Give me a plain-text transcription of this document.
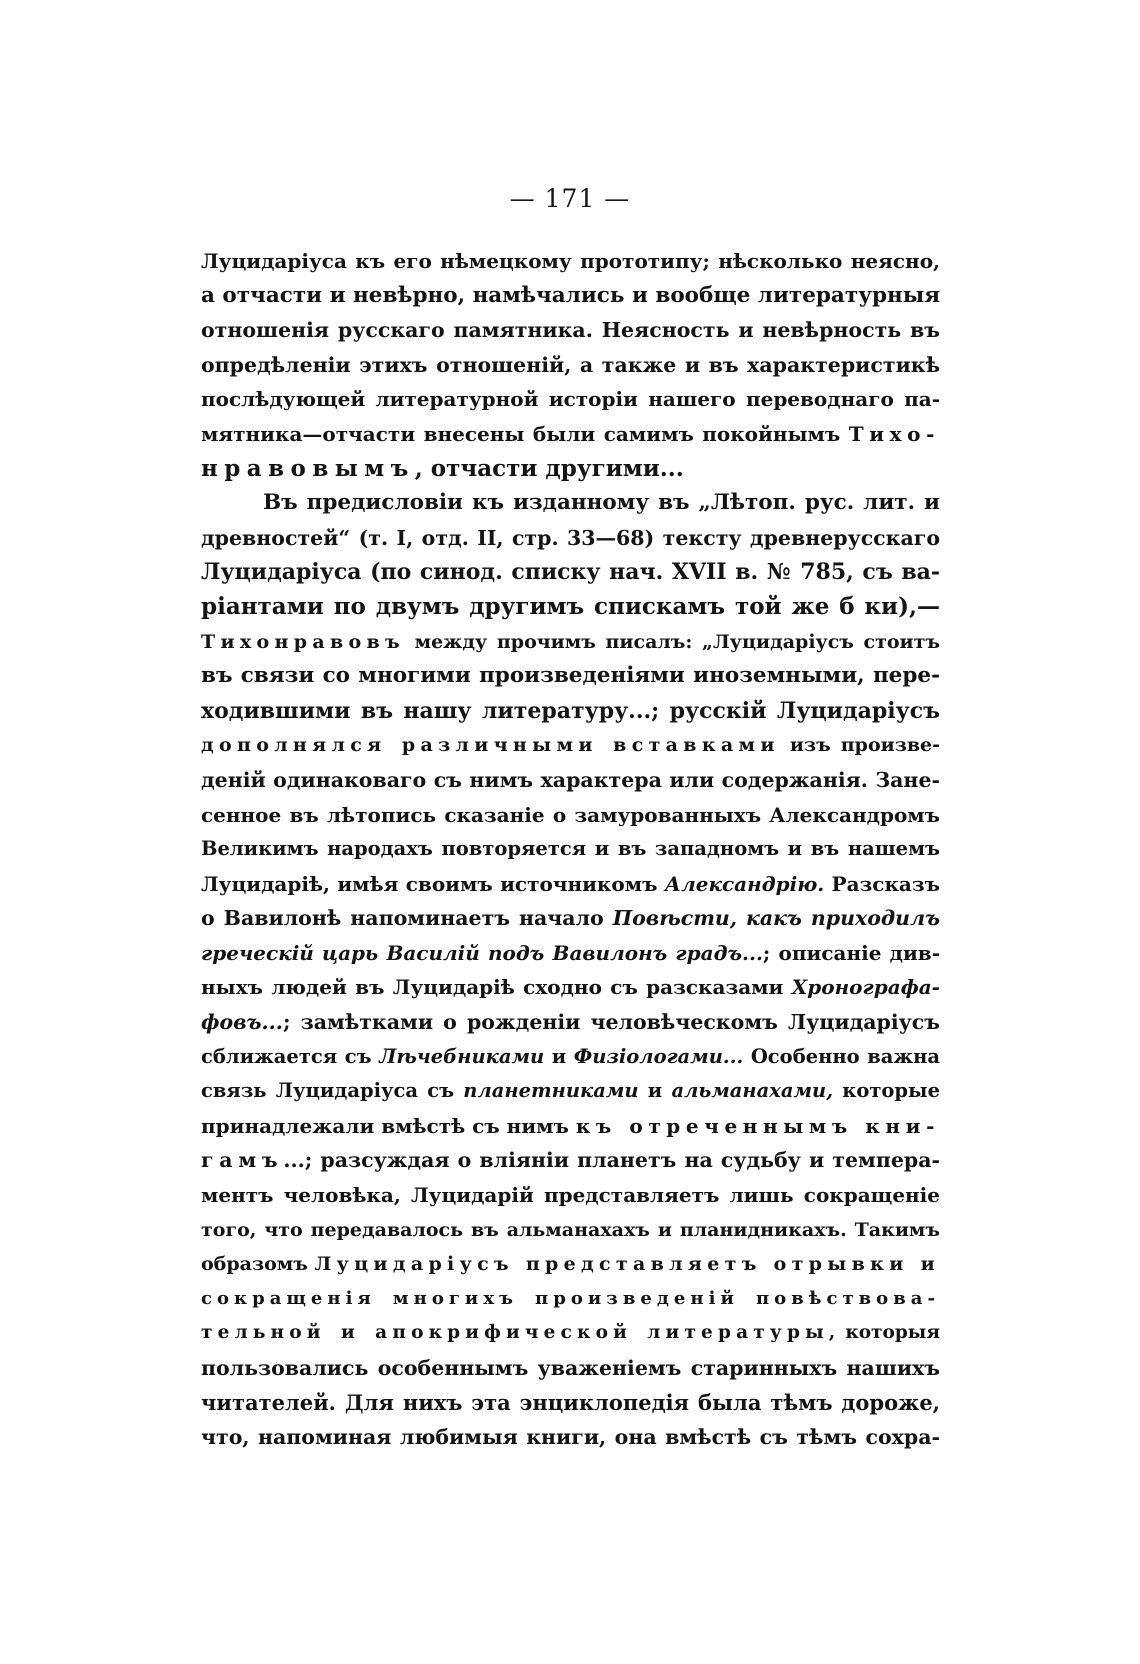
— 171 —
Луцидаріуса къ его нѣмецкому прототипу; нѣсколько неясно,
а отчасти и невѣрно, намѣчались и вообще литературныя
отношенія русскаго памятника. Неясность и невѣрность въ
опредѣленіи этихъ отношеній, а также и въ характеристикѣ
послѣдующей литературной исторіи нашего переводнаго па-
мятника—отчасти внесены были самимъ покойнымъ Тихо-
нравовымъ, отчасти другими...
Въ предисловіи къ изданному въ „Лѣтоп. рус. лит. и
древностей“ (т. I, отд. II, стр. 33—68) тексту древнерусскаго
Луцидаріуса (по синод. списку нач. XVII в. № 785, съ ва-
ріантами по двумъ другимъ спискамъ той же б ки),—
Тихонравовъ между прочимъ писалъ: „Луцидаріусъ стоитъ
въ связи со многими произведеніями иноземными, пере-
ходившими въ нашу литературу...; русскій Луцидаріусъ
дополнялся различными вставками изъ произве-
деній одинаковаго съ нимъ характера или содержанія. Зане-
сенное въ лѣтопись сказаніе о замурованныхъ Александромъ
Великимъ народахъ повторяется и въ западномъ и въ нашемъ
Луцидаріѣ, имѣя своимъ источникомъ Александрію. Разсказъ
о Вавилонѣ напоминаетъ начало Повѣсти, какъ приходилъ
греческій царь Василій подъ Вавилонъ градъ...; описаніе див-
ныхъ людей въ Луцидаріѣ сходно съ разсказами Хронографа-
фовъ...; замѣтками о рожденіи человѣческомъ Луцидаріусъ
сближается съ Лѣчебниками и Физіологами... Особенно важна
связь Луцидаріуса съ планетниками и альманахами, которые
принадлежали вмѣстѣ съ нимъ къ отреченнымъ кни-
гамъ...; разсуждая о вліяніи планетъ на судьбу и темпера-
ментъ человѣка, Луцидарій представляетъ лишь сокращеніе
того, что передавалось въ альманахахъ и планидникахъ. Такимъ
образомъ Луцидаріусъ представляетъ отрывки и
сокращенія многихъ произведеній повѣствова-
тельной и апокрифической литературы, которыя
пользовались особеннымъ уваженіемъ старинныхъ нашихъ
читателей. Для нихъ эта энциклопедія была тѣмъ дороже,
что, напоминая любимыя книги, она вмѣстѣ съ тѣмъ сохра-
